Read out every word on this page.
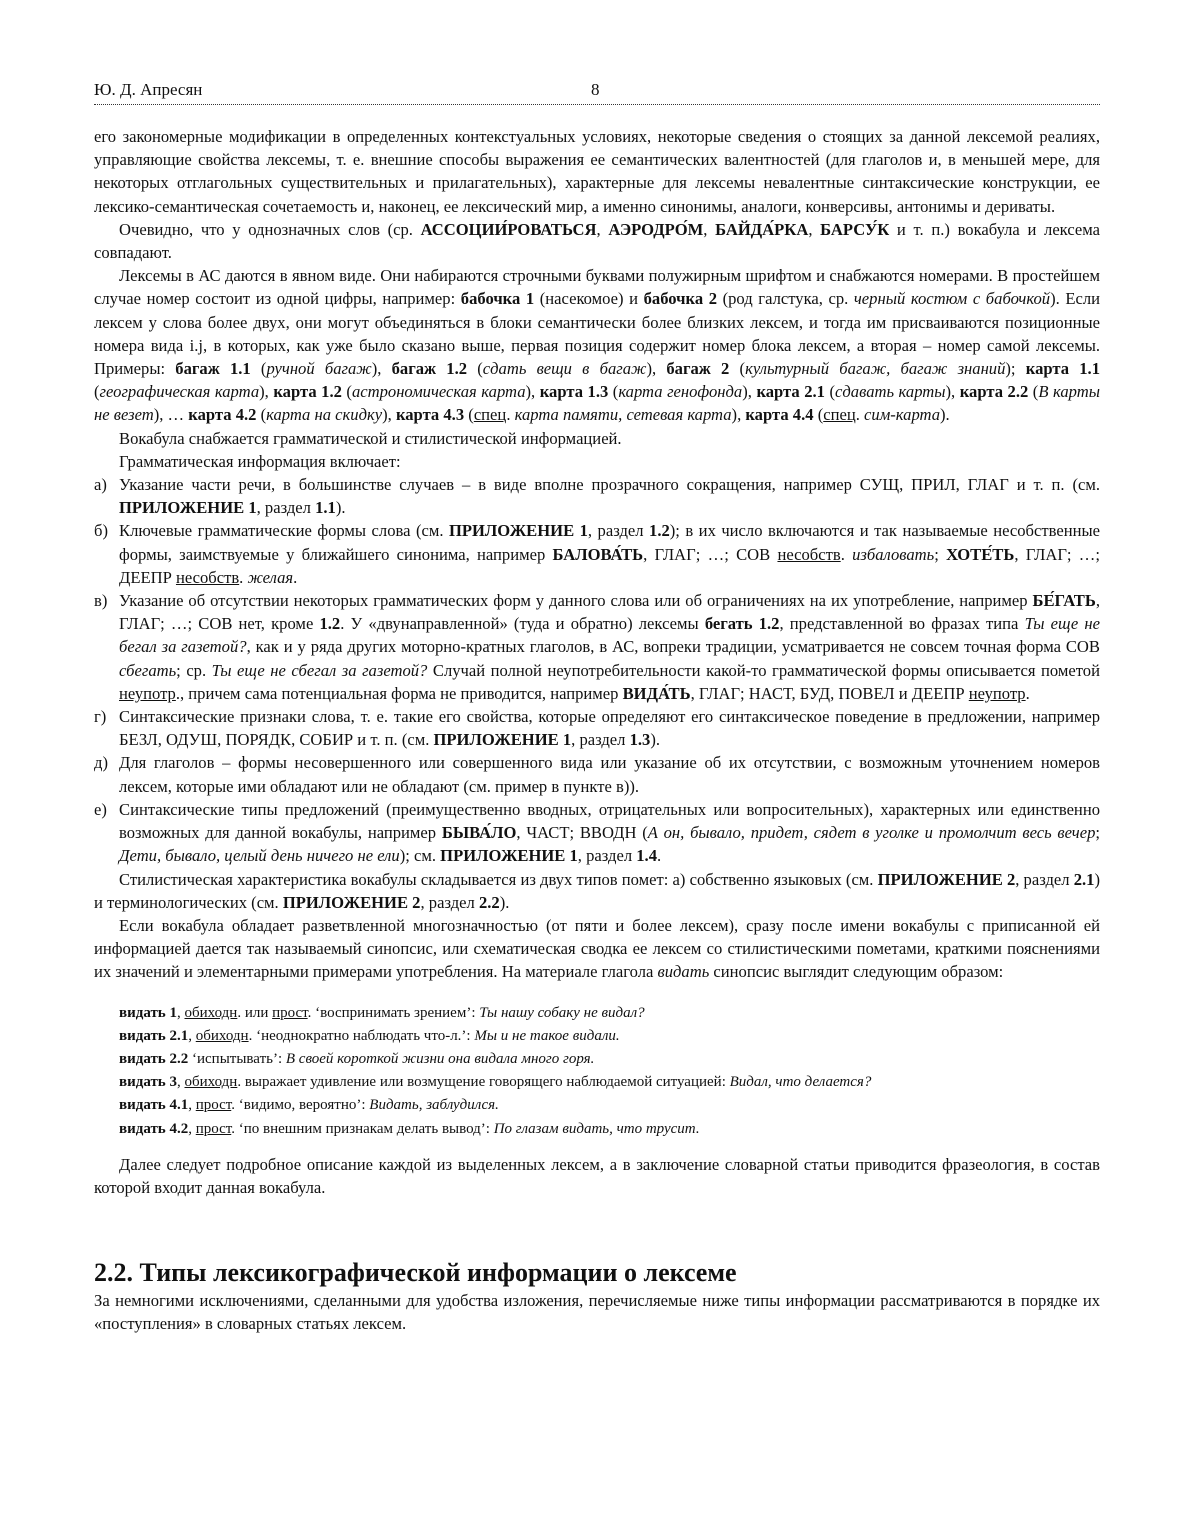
Ю. Д. Апресян	8

его закономерные модификации в определенных контекстуальных условиях, некоторые сведения о стоящих за данной лексемой реалиях, управляющие свойства лексемы, т. е. внешние способы выражения ее семантических валентностей (для глаголов и, в меньшей мере, для некоторых отглагольных существительных и прилагательных), характерные для лексемы невалентные синтаксические конструкции, ее лексико-семантическая сочетаемость и, наконец, ее лексический мир, а именно синонимы, аналоги, конверсивы, антонимы и дериваты.

Очевидно, что у однозначных слов (ср. АССОЦИИ́РОВАТЬСЯ, АЭРОДРО́М, БАЙДА́РКА, БАРСУ́К и т. п.) вокабула и лексема совпадают.

Лексемы в АС даются в явном виде. Они набираются строчными буквами полужирным шрифтом и снабжаются номерами. В простейшем случае номер состоит из одной цифры, например: бабочка 1 (насекомое) и бабочка 2 (род галстука, ср. черный костюм с бабочкой). Если лексем у слова более двух, они могут объединяться в блоки семантически более близких лексем, и тогда им присваиваются позиционные номера вида i.j, в которых, как уже было сказано выше, первая позиция содержит номер блока лексем, а вторая – номер самой лексемы. Примеры: багаж 1.1 (ручной багаж), багаж 1.2 (сдать вещи в багаж), багаж 2 (культурный багаж, багаж знаний); карта 1.1 (географическая карта), карта 1.2 (астрономическая карта), карта 1.3 (карта генофонда), карта 2.1 (сдавать карты), карта 2.2 (В карты не везет), … карта 4.2 (карта на скидку), карта 4.3 (спец. карта памяти, сетевая карта), карта 4.4 (спец. сим-карта).

Вокабула снабжается грамматической и стилистической информацией.

Грамматическая информация включает:

а) Указание части речи, в большинстве случаев – в виде вполне прозрачного сокращения, например СУЩ, ПРИЛ, ГЛАГ и т. п. (см. ПРИЛОЖЕНИЕ 1, раздел 1.1).
б) Ключевые грамматические формы слова (см. ПРИЛОЖЕНИЕ 1, раздел 1.2); в их число включаются и так называемые несобственные формы, заимствуемые у ближайшего синонима, например БАЛОВА́ТЬ, ГЛАГ; …; СОВ несобств. избаловать; ХОТЕ́ТЬ, ГЛАГ; …; ДЕЕПР несобств. желая.
в) Указание об отсутствии некоторых грамматических форм у данного слова или об ограничениях на их употребление, например БЕ́ГАТЬ, ГЛАГ; …; СОВ нет, кроме 1.2. У «двунаправленной» (туда и обратно) лексемы бегать 1.2, представленной во фразах типа Ты еще не бегал за газетой?, как и у ряда других моторно-кратных глаголов, в АС, вопреки традиции, усматривается не совсем точная форма СОВ сбегать; ср. Ты еще не сбегал за газетой? Случай полной неупотребительности какой-то грамматической формы описывается пометой неупотр., причем сама потенциальная форма не приводится, например ВИДА́ТЬ, ГЛАГ; НАСТ, БУД, ПОВЕЛ и ДЕЕПР неупотр.
г) Синтаксические признаки слова, т. е. такие его свойства, которые определяют его синтаксическое поведение в предложении, например БЕЗЛ, ОДУШ, ПОРЯДК, СОБИР и т. п. (см. ПРИЛОЖЕНИЕ 1, раздел 1.3).
д) Для глаголов – формы несовершенного или совершенного вида или указание об их отсутствии, с возможным уточнением номеров лексем, которые ими обладают или не обладают (см. пример в пункте в)).
е) Синтаксические типы предложений (преимущественно вводных, отрицательных или вопросительных), характерных или единственно возможных для данной вокабулы, например БЫВА́ЛО, ЧАСТ; ВВОДН (А он, бывало, придет, сядет в уголке и промолчит весь вечер; Дети, бывало, целый день ничего не ели); см. ПРИЛОЖЕНИЕ 1, раздел 1.4.

Стилистическая характеристика вокабулы складывается из двух типов помет: а) собственно языковых (см. ПРИЛОЖЕНИЕ 2, раздел 2.1) и терминологических (см. ПРИЛОЖЕНИЕ 2, раздел 2.2).

Если вокабула обладает разветвленной многозначностью (от пяти и более лексем), сразу после имени вокабулы с приписанной ей информацией дается так называемый синопсис, или схематическая сводка ее лексем со стилистическими пометами, краткими пояснениями их значений и элементарными примерами употребления. На материале глагола видать синопсис выглядит следующим образом:

видать 1, обиходн. или прост. ‘воспринимать зрением’: Ты нашу собаку не видал?
видать 2.1, обиходн. ‘неоднократно наблюдать что-л.’: Мы и не такое видали.
видать 2.2 ‘испытывать’: В своей короткой жизни она видала много горя.
видать 3, обиходн. выражает удивление или возмущение говорящего наблюдаемой ситуацией: Видал, что делается?
видать 4.1, прост. ‘видимо, вероятно’: Видать, заблудился.
видать 4.2, прост. ‘по внешним признакам делать вывод’: По глазам видать, что трусит.

Далее следует подробное описание каждой из выделенных лексем, а в заключение словарной статьи приводится фразеология, в состав которой входит данная вокабула.

2.2. Типы лексикографической информации о лексеме

За немногими исключениями, сделанными для удобства изложения, перечисляемые ниже типы информации рассматриваются в порядке их «поступления» в словарных статьях лексем.
